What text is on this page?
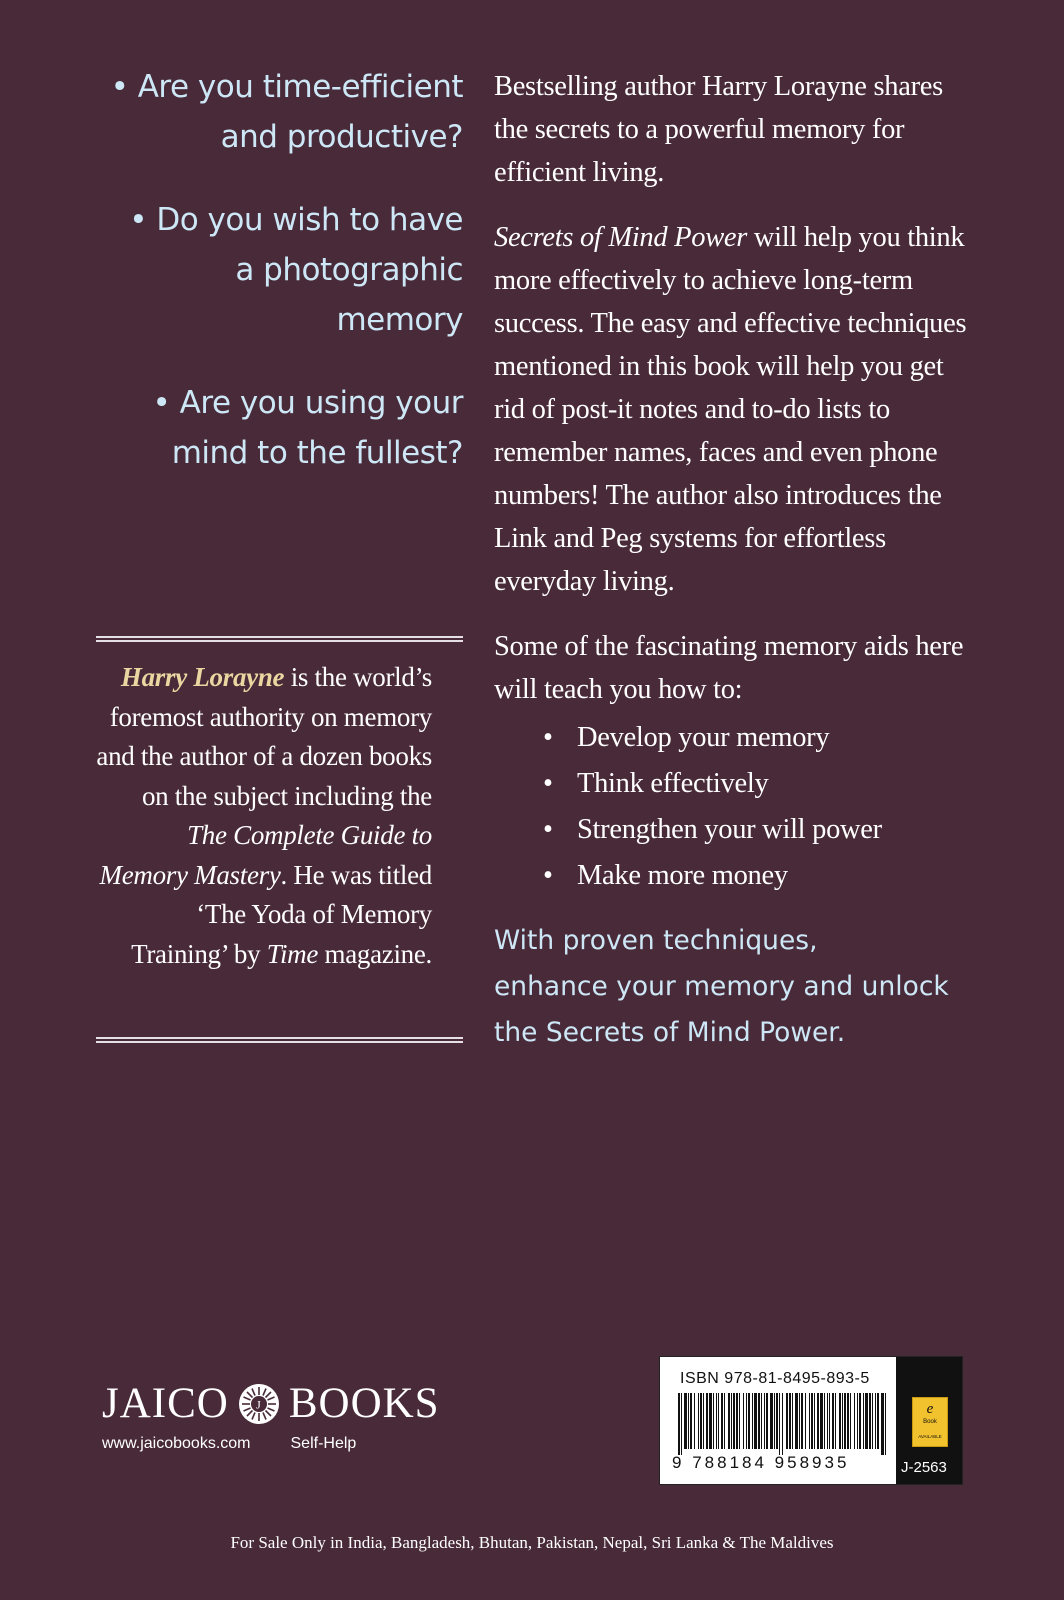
• Are you time-efficient
and productive?
• Do you wish to have
a photographic memory
• Are you using your
mind to the fullest?

Bestselling author Harry Lorayne shares the secrets to a powerful memory for efficient living.

Secrets of Mind Power will help you think more effectively to achieve long-term success. The easy and effective techniques mentioned in this book will help you get rid of post-it notes and to-do lists to remember names, faces and even phone numbers! The author also introduces the Link and Peg systems for effortless everyday living.

Some of the fascinating memory aids here will teach you how to:

• Develop your memory
• Think effectively
• Strengthen your will power
• Make more money
With proven techniques,
enhance your memory and unlock
the Secrets of Mind Power.
Harry Lorayne is the world’s foremost authority on memory and the author of a dozen books on the subject including the The Complete Guide to Memory Mastery. He was titled ‘The Yoda of Memory Training’ by Time magazine.
JAICO J BOOKS
www.jaicobooks.com	Self-Help
ISBN 978-81-8495-893-5
9 788184 958935
e
Book
AVAILABLE
J-2563
For Sale Only in India, Bangladesh, Bhutan, Pakistan, Nepal, Sri Lanka & The Maldives
